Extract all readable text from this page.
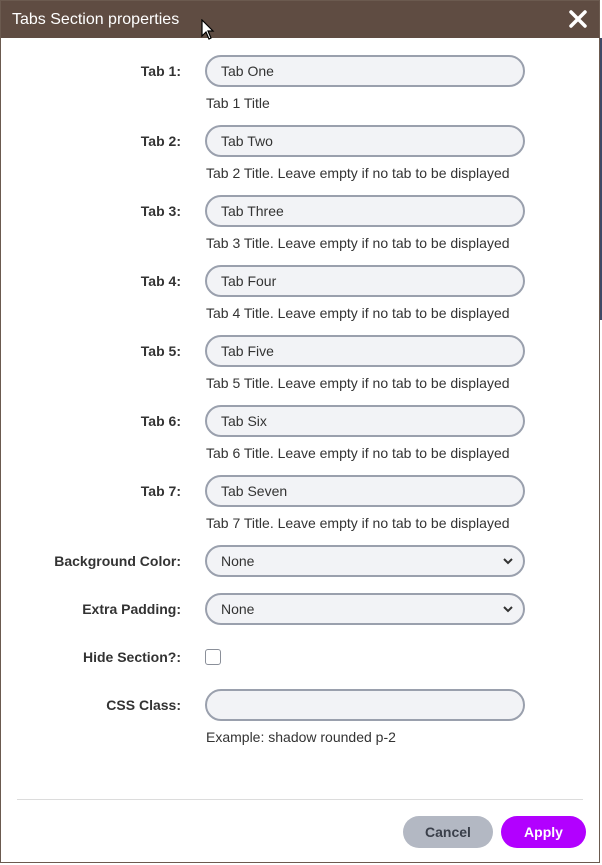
Tabs Section properties
Tab 1:	Tab One
Tab 1 Title
Tab 2:	Tab Two
Tab 2 Title. Leave empty if no tab to be displayed
Tab 3:	Tab Three
Tab 3 Title. Leave empty if no tab to be displayed
Tab 4:	Tab Four
Tab 4 Title. Leave empty if no tab to be displayed
Tab 5:	Tab Five
Tab 5 Title. Leave empty if no tab to be displayed
Tab 6:	Tab Six
Tab 6 Title. Leave empty if no tab to be displayed
Tab 7:	Tab Seven
Tab 7 Title. Leave empty if no tab to be displayed
Background Color:	None
Extra Padding:	None
Hide Section?:
CSS Class:
Example: shadow rounded p-2
Cancel	Apply
